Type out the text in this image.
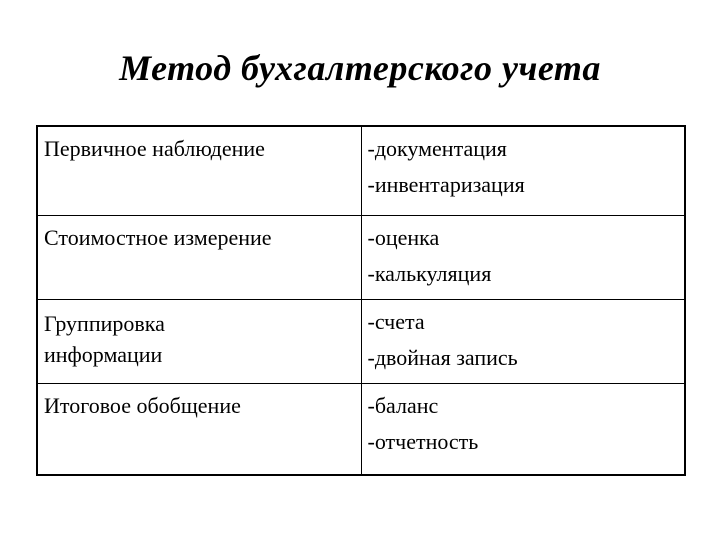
Метод бухгалтерского учета
Первичное наблюдение	-документация
-инвентаризация

Стоимостное измерение	-оценка
-калькуляция

Группировка
информации	-счета
-двойная запись

Итоговое обобщение	-баланс
-отчетность
